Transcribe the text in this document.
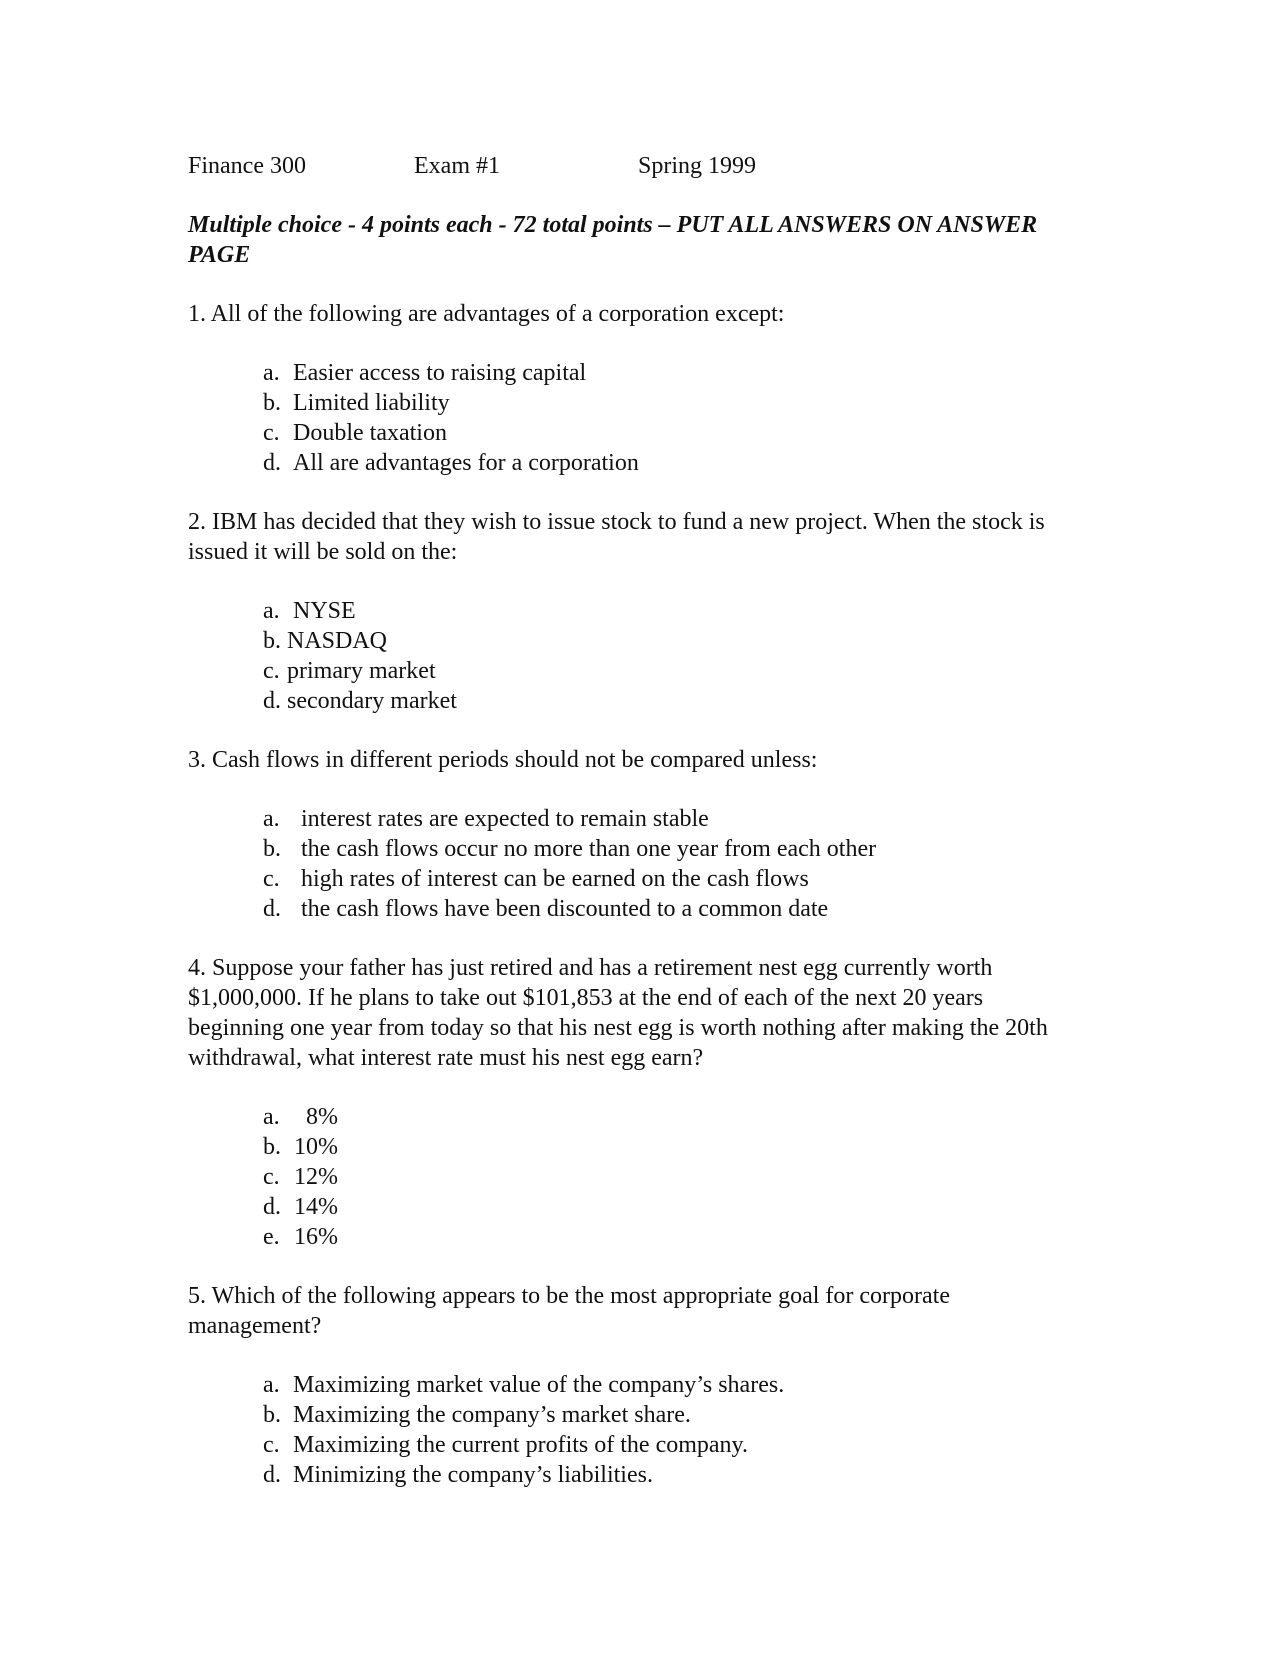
Finance 300	Exam #1	Spring 1999
Multiple choice - 4 points each - 72 total points – PUT ALL ANSWERS ON ANSWER
PAGE
1. All of the following are advantages of a corporation except:
a. Easier access to raising capital
b. Limited liability
c. Double taxation
d. All are advantages for a corporation
2. IBM has decided that they wish to issue stock to fund a new project. When the stock is
issued it will be sold on the:
a. NYSE
b. NASDAQ
c. primary market
d. secondary market
3. Cash flows in different periods should not be compared unless:
a. interest rates are expected to remain stable
b. the cash flows occur no more than one year from each other
c. high rates of interest can be earned on the cash flows
d. the cash flows have been discounted to a common date
4. Suppose your father has just retired and has a retirement nest egg currently worth
$1,000,000. If he plans to take out $101,853 at the end of each of the next 20 years
beginning one year from today so that his nest egg is worth nothing after making the 20th
withdrawal, what interest rate must his nest egg earn?
a. 8%
b. 10%
c. 12%
d. 14%
e. 16%
5. Which of the following appears to be the most appropriate goal for corporate
management?
a. Maximizing market value of the company’s shares.
b. Maximizing the company’s market share.
c. Maximizing the current profits of the company.
d. Minimizing the company’s liabilities.
